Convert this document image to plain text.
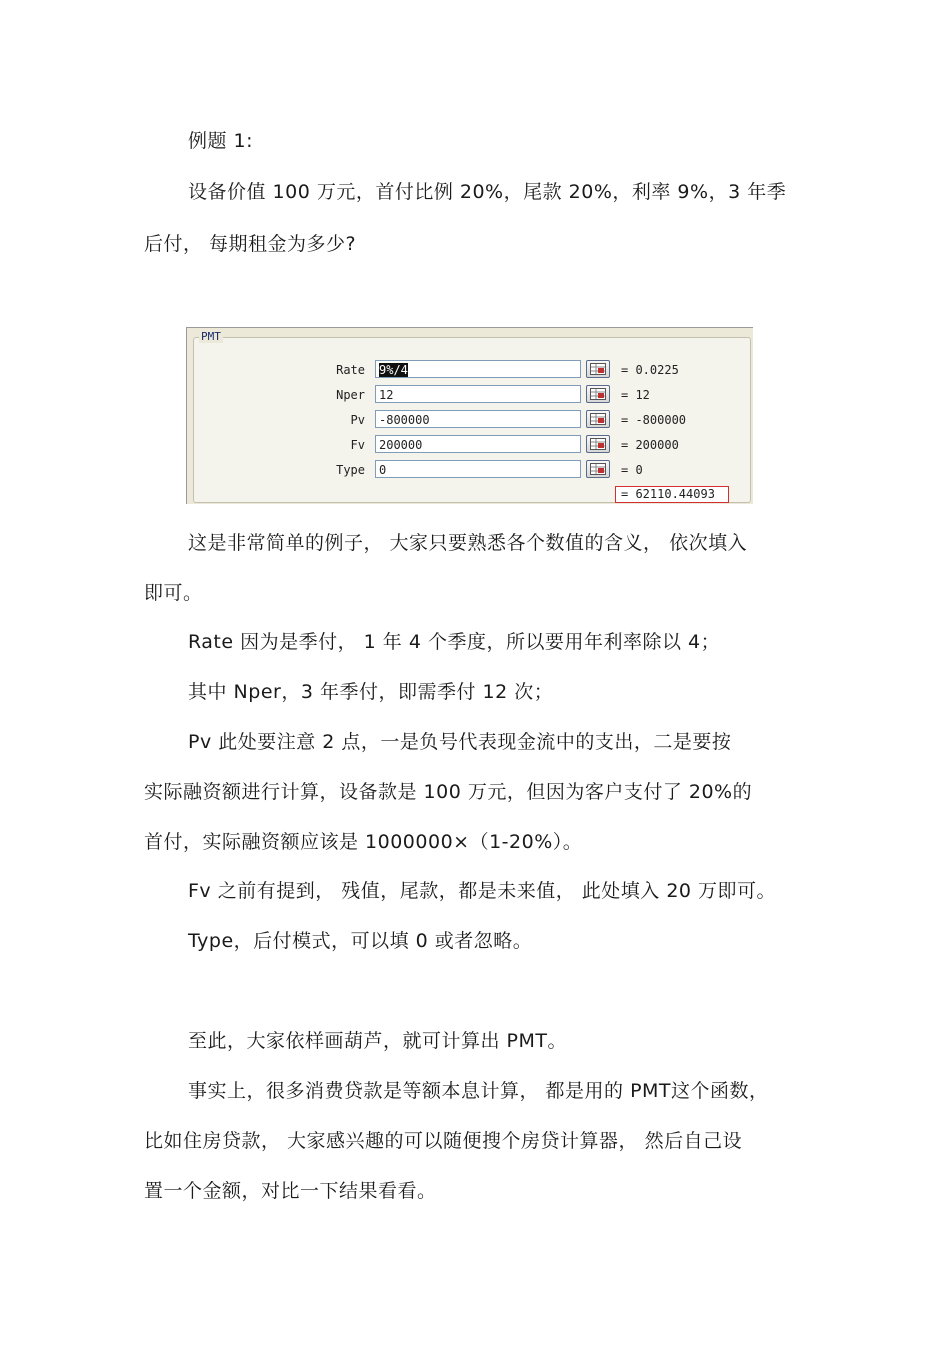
例题 1:
设备价值 100 万元，首付比例 20%，尾款 20%，利率 9%，3 年季
后付， 每期租金为多少?
PMT
Rate	9%/4	= 0.0225
Nper	12	= 12
Pv	-800000	= -800000
Fv	200000	= 200000
Type	0	= 0
= 62110.44093
这是非常简单的例子， 大家只要熟悉各个数值的含义， 依次填入
即可。
Rate 因为是季付， 1 年 4 个季度，所以要用年利率除以 4；
其中 Nper，3 年季付，即需季付 12 次；
Pv 此处要注意 2 点，一是负号代表现金流中的支出，二是要按
实际融资额进行计算，设备款是 100 万元，但因为客户支付了 20%的
首付，实际融资额应该是 1000000×（1-20%）。
Fv 之前有提到， 残值，尾款，都是未来值， 此处填入 20 万即可。
Type，后付模式，可以填 0 或者忽略。
至此，大家依样画葫芦，就可计算出 PMT。
事实上，很多消费贷款是等额本息计算， 都是用的 PMT这个函数，
比如住房贷款， 大家感兴趣的可以随便搜个房贷计算器， 然后自己设
置一个金额，对比一下结果看看。
